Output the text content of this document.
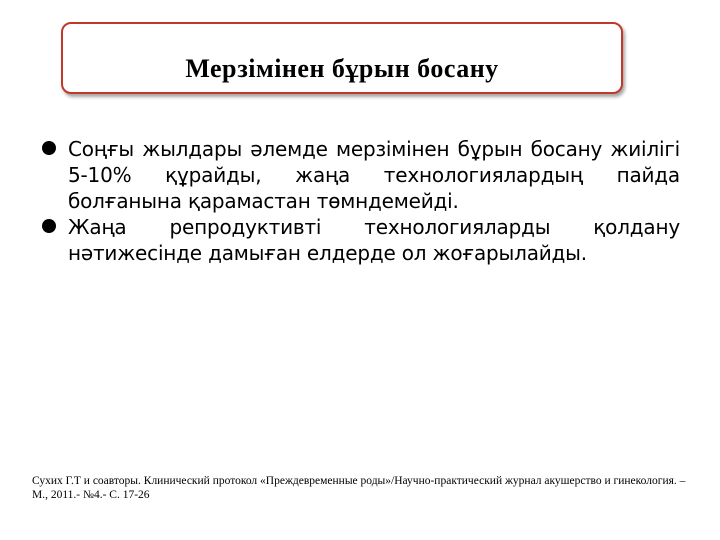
Мерзімінен бұрын босану
Соңғы жылдары әлемде мерзімінен бұрын босану жиілігі 5-10% құрайды, жаңа технологиялардың пайда болғанына қарамастан төмндемейді.
Жаңа репродуктивті технологияларды қолдану нәтижесінде дамыған елдерде ол жоғарылайды.
Сухих Г.Т и соавторы. Клинический протокол «Преждевременные роды»/Научно-практический журнал акушерство и гинекология. –М., 2011.- №4.- С. 17-26
